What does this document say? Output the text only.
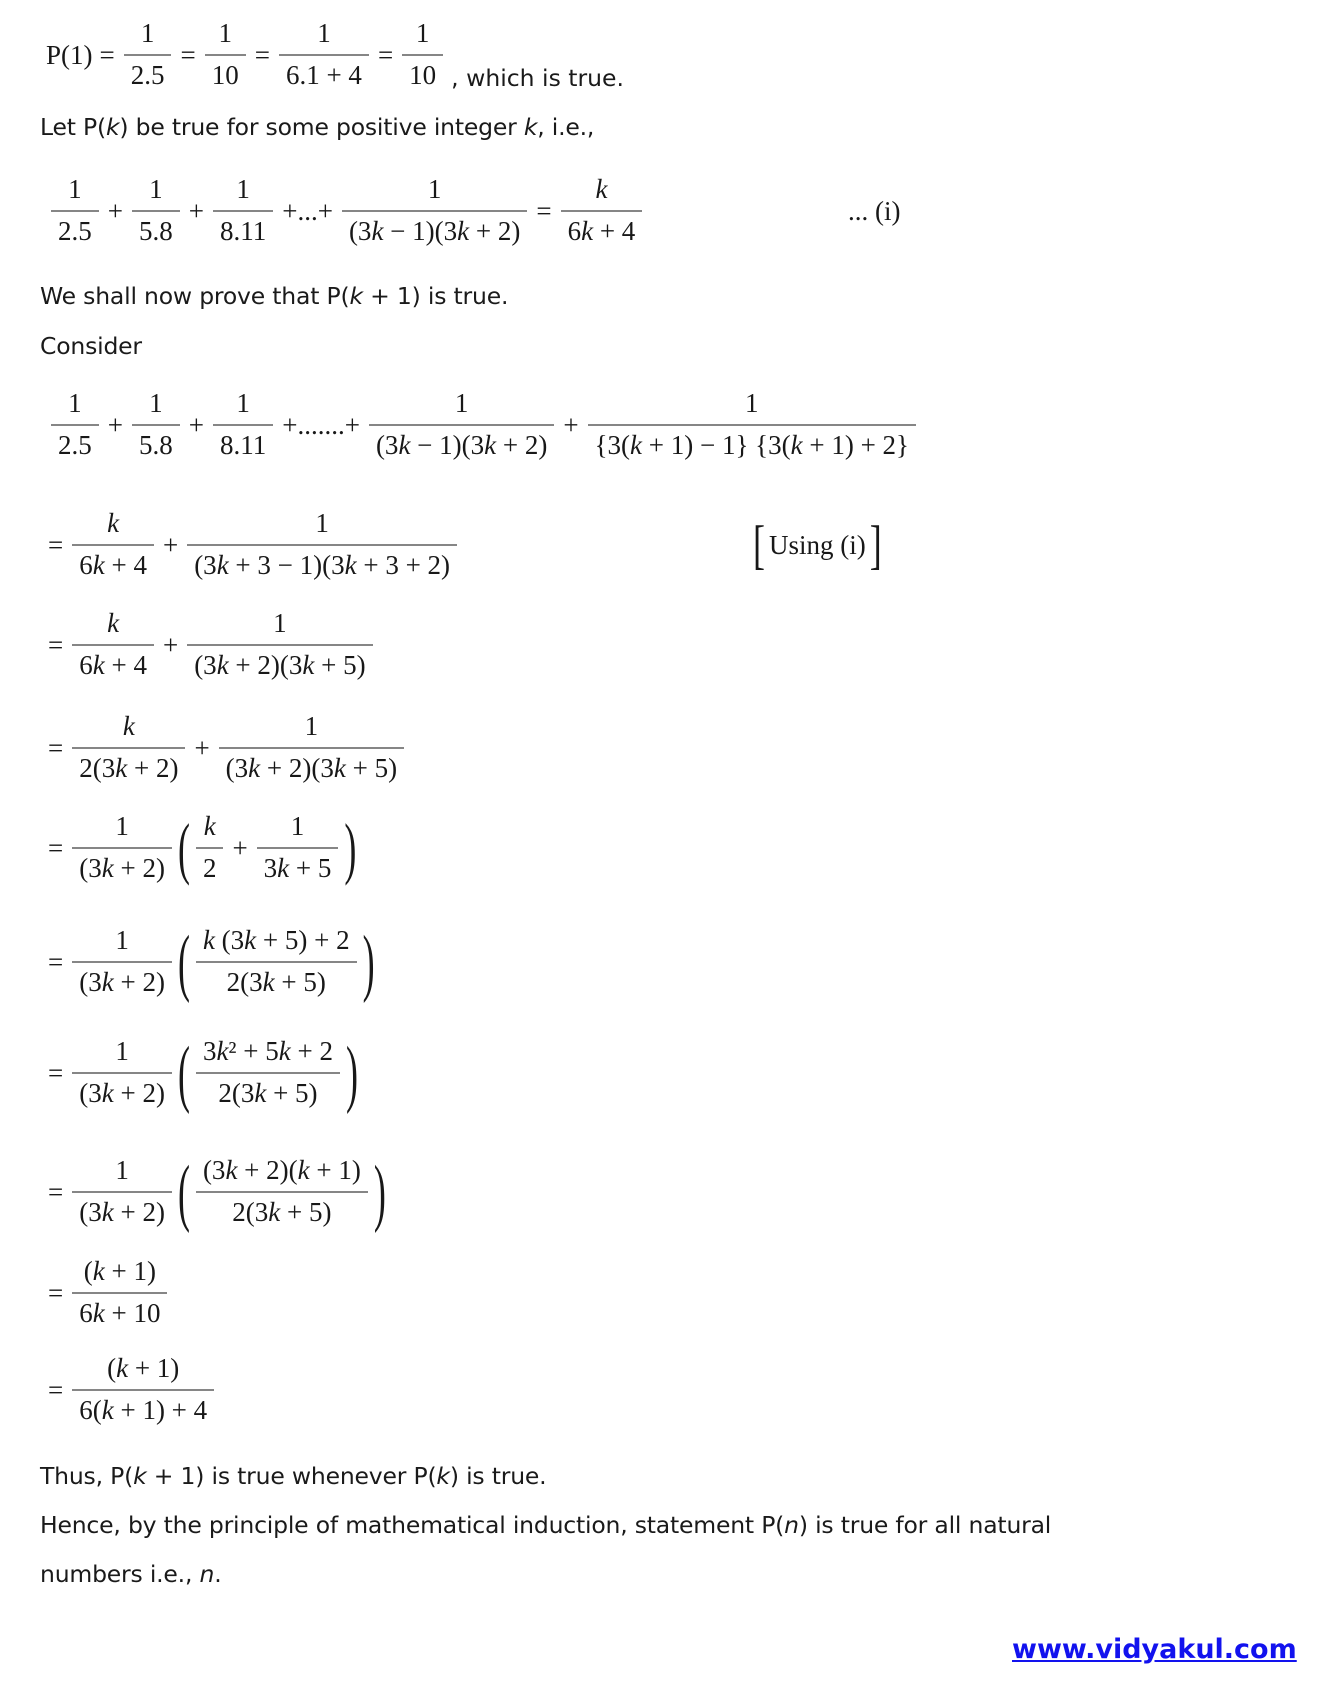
$P(1) = \frac{1}{2.5} = \frac{1}{10} = \frac{1}{6.1 + 4} = \frac{1}{10}$ , which is true.
Let P(k) be true for some positive integer k, i.e.,
$\frac{1}{2.5} + \frac{1}{5.8} + \frac{1}{8.11}$ +...+ $\frac{1}{(3k - 1)(3k + 2)} = \frac{k}{6k + 4}$	... (i)
We shall now prove that P(k + 1) is true.
Consider
$\frac{1}{2.5} + \frac{1}{5.8} + \frac{1}{8.11}$ +.......+ $\frac{1}{(3k - 1)(3k + 2)} + \frac{1}{\{3(k + 1) - 1\} \{3(k + 1) + 2\}}$
= $\frac{k}{6k + 4} + \frac{1}{(3k + 3 - 1)(3k + 3 + 2)}$	[ Using (i) ]
= $\frac{k}{6k + 4} + \frac{1}{(3k + 2)(3k + 5)}$
= $\frac{k}{2(3k + 2)} + \frac{1}{(3k + 2)(3k + 5)}$
= $\frac{1}{(3k + 2)}$ ( $\frac{k}{2} + \frac{1}{3k + 5}$ )
= $\frac{1}{(3k + 2)}$ ( $\frac{k (3k + 5) + 2}{2(3k + 5)}$ )
= $\frac{1}{(3k + 2)}$ ( $\frac{\text{3k² + 5k + 2}}{2(3k + 5)}$ )
= $\frac{1}{(3k + 2)}$ ( $\frac{(3k + 2)(k + 1)}{2(3k + 5)}$ )
= $\frac{(k + 1)}{6k + 10}$
= $\frac{(k + 1)}{6(k + 1) + 4}$
Thus, P(k + 1) is true whenever P(k) is true.
Hence, by the principle of mathematical induction, statement P(n) is true for all natural
numbers i.e., n.
www.vidyakul.com
